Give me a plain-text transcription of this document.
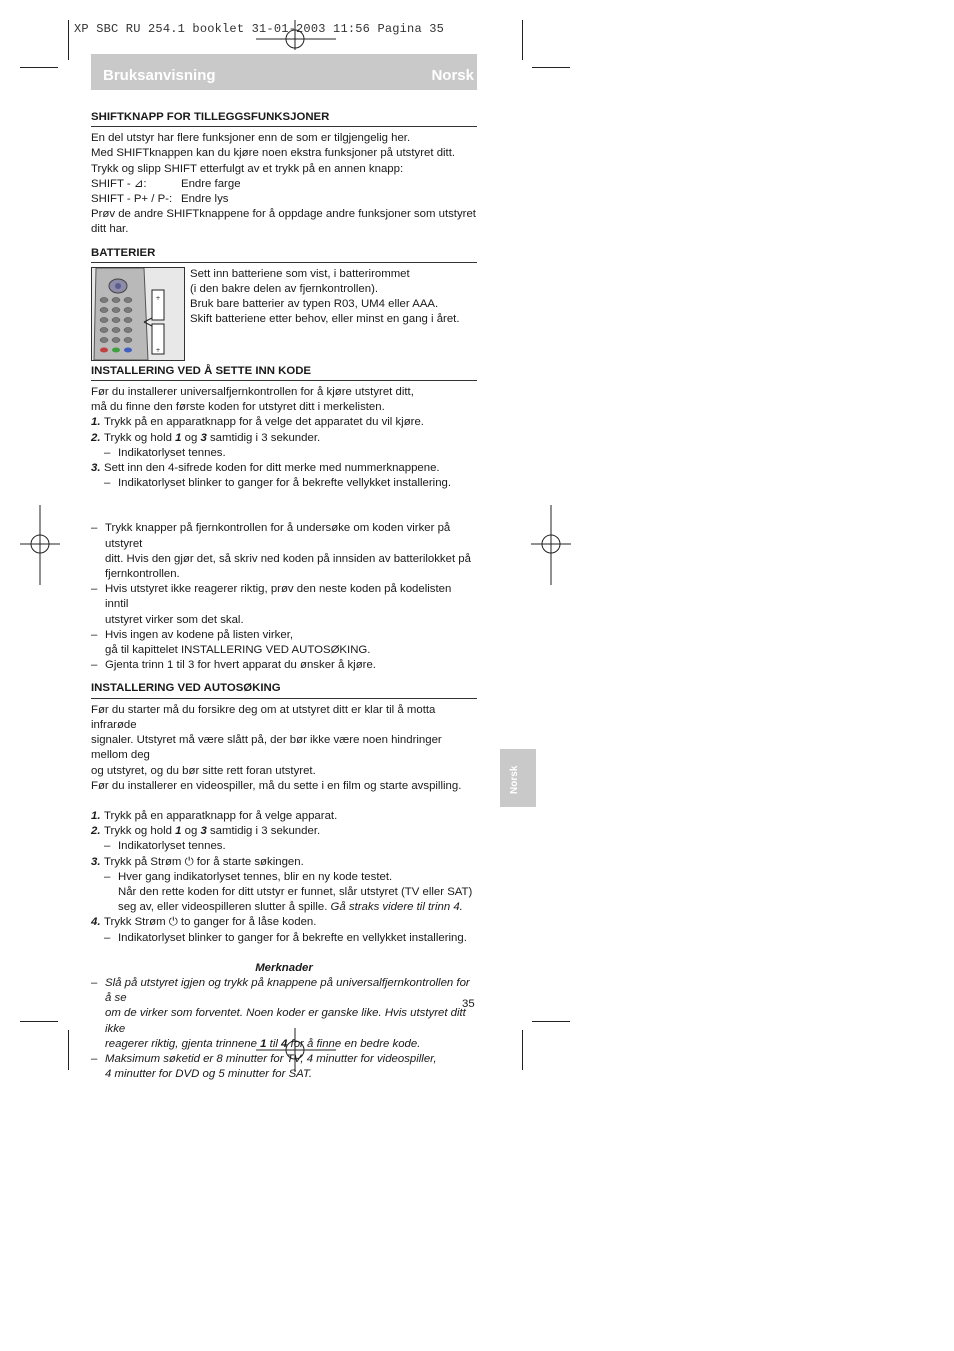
XP SBC RU 254.1 booklet 31-01-2003 11:56 Pagina 35
Bruksanvisning	Norsk
SHIFTKNAPP FOR TILLEGGSFUNKSJONER

En del utstyr har flere funksjoner enn de som er tilgjengelig her.

Med SHIFTknappen kan du kjøre noen ekstra funksjoner på utstyret ditt.

Trykk og slipp SHIFT etterfulgt av et trykk på en annen knapp:

SHIFT - ⊿:	Endre farge
SHIFT - P+ / P-: Endre lys

Prøv de andre SHIFTknappene for å oppdage andre funksjoner som utstyret ditt har.

BATTERIER
+
+

Sett inn batteriene som vist, i batterirommet

(i den bakre delen av fjernkontrollen).

Bruk bare batterier av typen R03, UM4 eller AAA.

Skift batteriene etter behov, eller minst en gang i året.

INSTALLERING VED Å SETTE INN KODE

Før du installerer universalfjernkontrollen for å kjøre utstyret ditt,

må du finne den første koden for utstyret ditt i merkelisten.

1. Trykk på en apparatknapp for å velge det apparatet du vil kjøre.
2. Trykk og hold 1 og 3 samtidig i 3 sekunder.
– Indikatorlyset tennes.
3. Sett inn den 4-sifrede koden for ditt merke med nummerknappene.
– Indikatorlyset blinker to ganger for å bekrefte vellykket installering.
– Trykk knapper på fjernkontrollen for å undersøke om koden virker på utstyret
ditt. Hvis den gjør det, så skriv ned koden på innsiden av batterilokket på
fjernkontrollen.
– Hvis utstyret ikke reagerer riktig, prøv den neste koden på kodelisten inntil
utstyret virker som det skal.
– Hvis ingen av kodene på listen virker,
gå til kapittelet INSTALLERING VED AUTOSØKING.
– Gjenta trinn 1 til 3 for hvert apparat du ønsker å kjøre.
INSTALLERING VED AUTOSØKING

Før du starter må du forsikre deg om at utstyret ditt er klar til å motta infrarøde

signaler. Utstyret må være slått på, der bør ikke være noen hindringer mellom deg

og utstyret, og du bør sitte rett foran utstyret.

Før du installerer en videospiller, må du sette i en film og starte avspilling.

1. Trykk på en apparatknapp for å velge apparat.
2. Trykk og hold 1 og 3 samtidig i 3 sekunder.
– Indikatorlyset tennes.
3. Trykk på Strøm ⏻ for å starte søkingen.
– Hver gang indikatorlyset tennes, blir en ny kode testet.

Når den rette koden for ditt utstyr er funnet, slår utstyret (TV eller SAT)

seg av, eller videospilleren slutter å spille. Gå straks videre til trinn 4.

4. Trykk Strøm ⏻ to ganger for å låse koden.
– Indikatorlyset blinker to ganger for å bekrefte en vellykket installering.

Merknader

– Slå på utstyret igjen og trykk på knappene på universalfjernkontrollen for å se
om de virker som forventet. Noen koder er ganske like. Hvis utstyret ditt ikke
reagerer riktig, gjenta trinnene 1 til 4 for å finne en bedre kode.
– Maksimum søketid er 8 minutter for TV, 4 minutter for videospiller,
4 minutter for DVD og 5 minutter for SAT.
Norsk
35
